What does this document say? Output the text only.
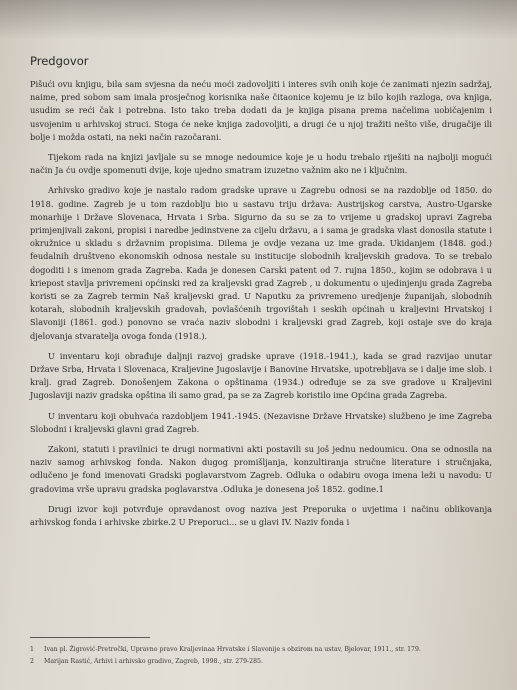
Predgovor

Pišući ovu knjigu, bila sam svjesna da neću moći zadovoljiti i interes svih onih koje će zanimati njezin sadržaj, naime, pred sobom sam imala prosječnog korisnika naše čitaonice kojemu je iz bilo kojih razloga, ova knjiga, usudim se reći čak i potrebna. Isto tako treba dodati da je knjiga pisana prema načelima uobičajenim i usvojenim u arhivskoj struci. Stoga će neke knjiga zadovoljiti, a drugi će u njoj tražiti nešto više, drugačije ili bolje i možda ostati, na neki način razočarani.

Tijekom rada na knjizi javljale su se mnoge nedoumice koje je u hodu trebalo riješiti na najbolji mogući način Ja ću ovdje spomenuti dvije, koje ujedno smatram izuzetno važnim ako ne i ključnim.

Arhivsko gradivo koje je nastalo radom gradske uprave u Zagrebu odnosi se na razdoblje od 1850. do 1918. godine. Zagreb je u tom razdoblju bio u sastavu triju država: Austrijskog carstva, Austro-Ugarske monarhije i Države Slovenaca, Hrvata i Srba. Sigurno da su se za to vrijeme u gradskoj upravi Zagreba primjenjivali zakoni, propisi i naredbe jedinstvene za cijelu državu, a i sama je gradska vlast donosila statute i okružnice u skladu s državnim propisima. Dilema je ovdje vezana uz ime grada. Ukidanjem (1848. god.) feudalnih društveno ekonomskih odnosa nestale su institucije slobodnih kraljevskih gradova. To se trebalo dogoditi i s imenom grada Zagreba. Kada je donesen Carski patent od 7. rujna 1850., kojim se odobrava i u kriepost stavlja privremeni općinski red za kraljevski grad Zagreb , u dokumentu o ujedinjenju grada Zagreba koristi se za Zagreb termin Naš kraljevski grad. U Naputku za privremeno uredjenje županijah, slobodnih kotarah, slobodnih kraljevskih gradovah, povlašćenih trgovištah i seskih općinah u kraljevini Hrvatskoj i Slavoniji (1861. god.) ponovno se vraća naziv slobodni i kraljevski grad Zagreb, koji ostaje sve do kraja djelovanja stvaratelja ovoga fonda (1918.).

U inventaru koji obrađuje daljnji razvoj gradske uprave (1918.-1941.), kada se grad razvijao unutar Države Srba, Hrvata i Slovenaca, Kraljevine Jugoslavije i Banovine Hrvatske, upotrebljava se i dalje ime slob. i kralj. grad Zagreb. Donošenjem Zakona o opštinama (1934.) određuje se za sve gradove u Kraljevini Jugoslaviji naziv gradska opština ili samo grad, pa se za Zagreb koristilo ime Općina grada Zagreba.

U inventaru koji obuhvaća razdobljem 1941.-1945. (Nezavisne Države Hrvatske) službeno je ime Zagreba Slobodni i kraljevski glavni grad Zagreb.

Zakoni, statuti i pravilnici te drugi normativni akti postavili su još jednu nedoumicu. Ona se odnosila na naziv samog arhivskog fonda. Nakon dugog promišljanja, konzultiranja stručne literature i stručnjaka, odlučeno je fond imenovati Gradski poglavarstvom Zagreb. Odluka o odabiru ovoga imena leži u navodu: U gradovima vrše upravu gradska poglavarstva .Odluka je donesena još 1852. godine.1

Drugi izvor koji potvrđuje opravdanost ovog naziva jest Preporuka o uvjetima i načinu oblikovanja arhivskog fonda i arhivske zbirke.2 U Preporuci... se u glavi IV. Naziv fonda i

1 Ivan pl. Žigrović-Pretročki, Upravno pravo Kraljevinaa Hrvatske i Slavonije s obzirom na ustav, Bjelovar, 1911., str. 179.

2 Marijan Rastić, Arhivi i arhivsko gradivo, Zagreb, 1998., str. 279-285.
